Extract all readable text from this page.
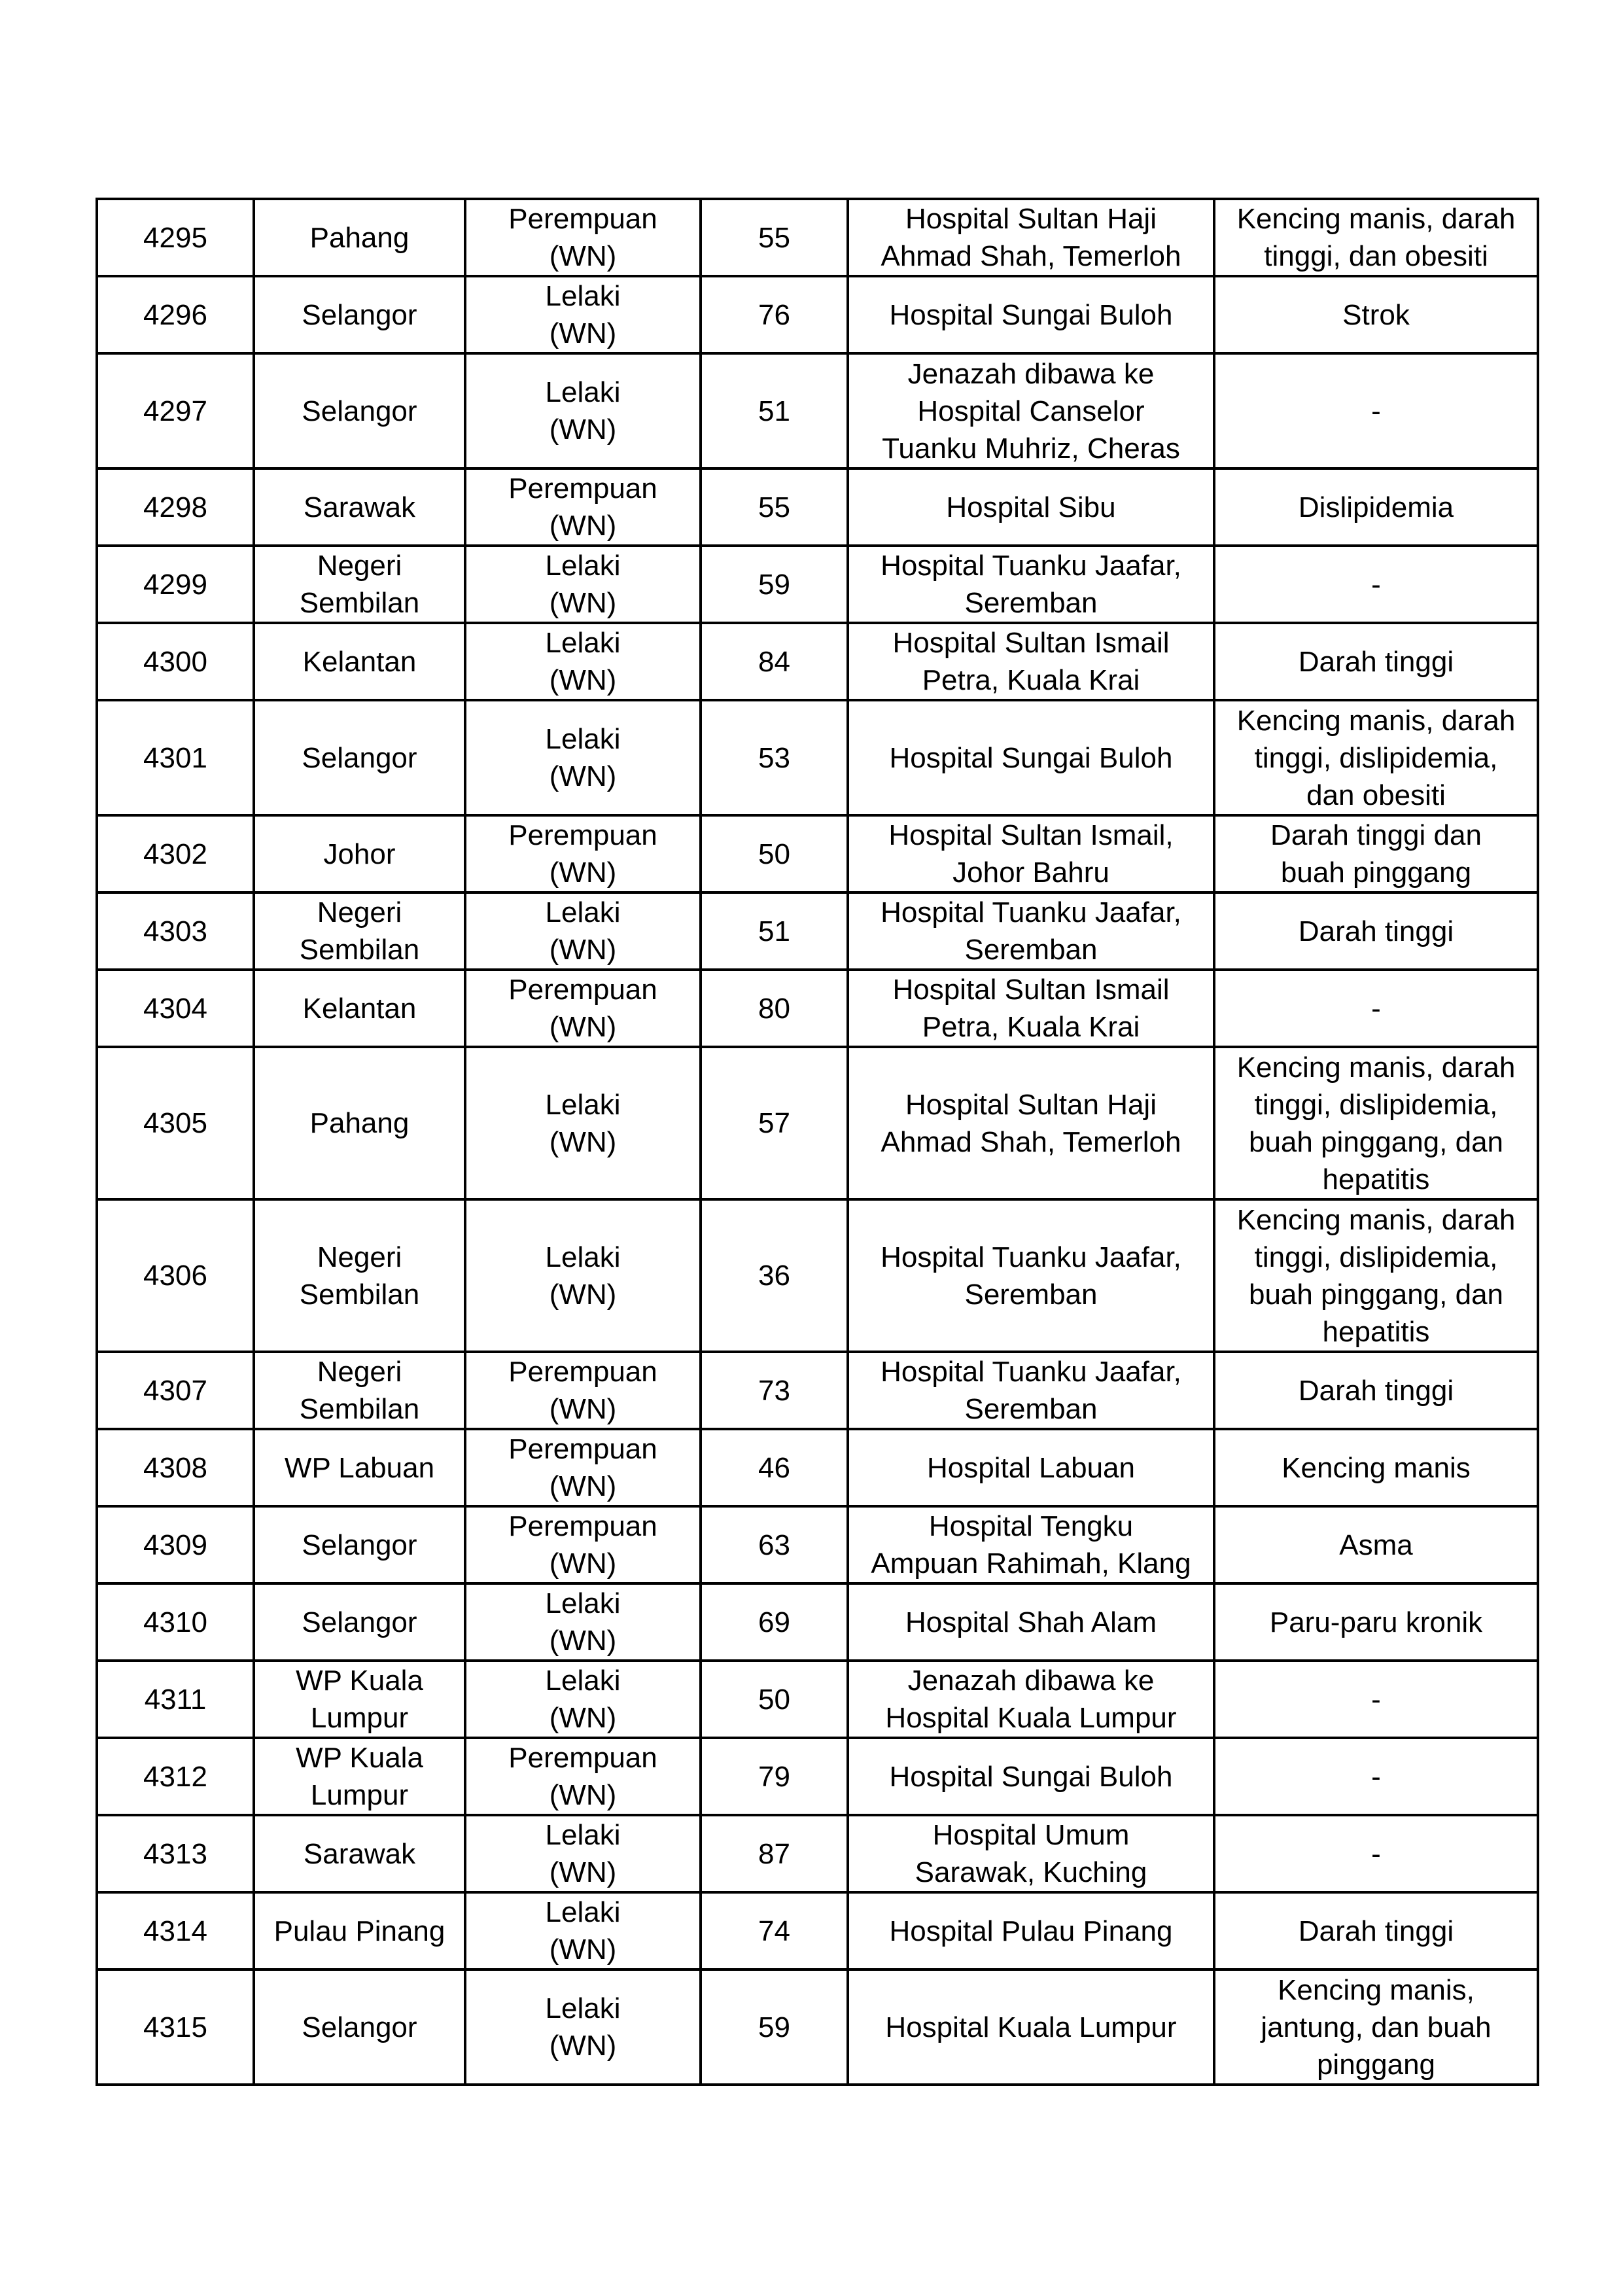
4295	Pahang	Perempuan
(WN)	55	Hospital Sultan Haji
Ahmad Shah, Temerloh	Kencing manis, darah
tinggi, dan obesiti

4296	Selangor	Lelaki
(WN)	76	Hospital Sungai Buloh	Strok

4297	Selangor	Lelaki
(WN)	51	Jenazah dibawa ke
Hospital Canselor
Tuanku Muhriz, Cheras	-

4298	Sarawak	Perempuan
(WN)	55	Hospital Sibu	Dislipidemia

4299	Negeri
Sembilan	Lelaki
(WN)	59	Hospital Tuanku Jaafar,
Seremban	-

4300	Kelantan	Lelaki
(WN)	84	Hospital Sultan Ismail
Petra, Kuala Krai	Darah tinggi

4301	Selangor	Lelaki
(WN)	53	Hospital Sungai Buloh	Kencing manis, darah
tinggi, dislipidemia,
dan obesiti

4302	Johor	Perempuan
(WN)	50	Hospital Sultan Ismail,
Johor Bahru	Darah tinggi dan
buah pinggang

4303	Negeri
Sembilan	Lelaki
(WN)	51	Hospital Tuanku Jaafar,
Seremban	Darah tinggi

4304	Kelantan	Perempuan
(WN)	80	Hospital Sultan Ismail
Petra, Kuala Krai	-

4305	Pahang	Lelaki
(WN)	57	Hospital Sultan Haji
Ahmad Shah, Temerloh	Kencing manis, darah
tinggi, dislipidemia,
buah pinggang, dan
hepatitis

4306	Negeri
Sembilan	Lelaki
(WN)	36	Hospital Tuanku Jaafar,
Seremban	Kencing manis, darah
tinggi, dislipidemia,
buah pinggang, dan
hepatitis

4307	Negeri
Sembilan	Perempuan
(WN)	73	Hospital Tuanku Jaafar,
Seremban	Darah tinggi

4308	WP Labuan	Perempuan
(WN)	46	Hospital Labuan	Kencing manis

4309	Selangor	Perempuan
(WN)	63	Hospital Tengku
Ampuan Rahimah, Klang	Asma

4310	Selangor	Lelaki
(WN)	69	Hospital Shah Alam	Paru-paru kronik

4311	WP Kuala
Lumpur	Lelaki
(WN)	50	Jenazah dibawa ke
Hospital Kuala Lumpur	-

4312	WP Kuala
Lumpur	Perempuan
(WN)	79	Hospital Sungai Buloh	-

4313	Sarawak	Lelaki
(WN)	87	Hospital Umum
Sarawak, Kuching	-

4314	Pulau Pinang	Lelaki
(WN)	74	Hospital Pulau Pinang	Darah tinggi

4315	Selangor	Lelaki
(WN)	59	Hospital Kuala Lumpur	Kencing manis,
jantung, dan buah
pinggang
